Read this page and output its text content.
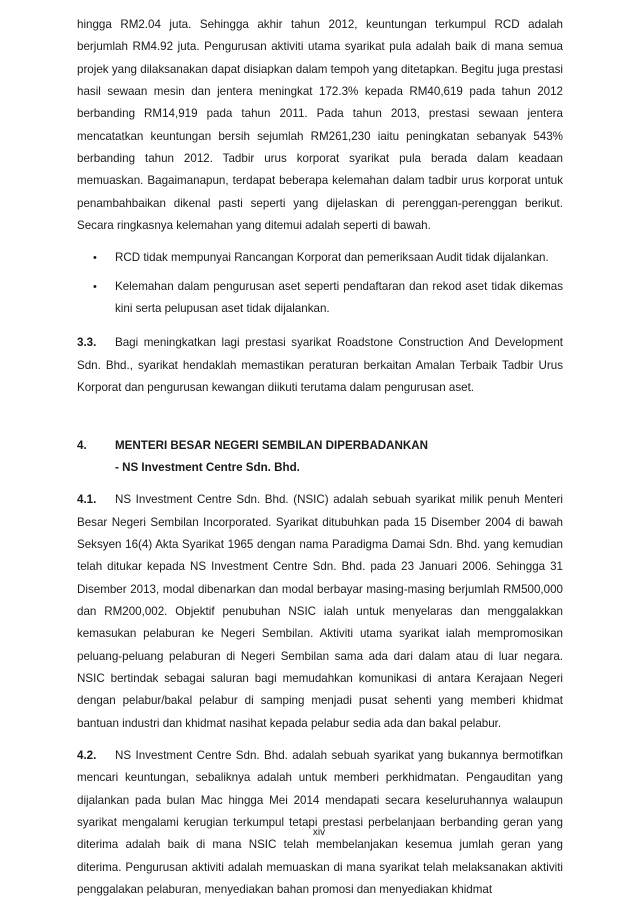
hingga RM2.04 juta. Sehingga akhir tahun 2012, keuntungan terkumpul RCD adalah berjumlah RM4.92 juta. Pengurusan aktiviti utama syarikat pula adalah baik di mana semua projek yang dilaksanakan dapat disiapkan dalam tempoh yang ditetapkan. Begitu juga prestasi hasil sewaan mesin dan jentera meningkat 172.3% kepada RM40,619 pada tahun 2012 berbanding RM14,919 pada tahun 2011. Pada tahun 2013, prestasi sewaan jentera mencatatkan keuntungan bersih sejumlah RM261,230 iaitu peningkatan sebanyak 543% berbanding tahun 2012. Tadbir urus korporat syarikat pula berada dalam keadaan memuaskan. Bagaimanapun, terdapat beberapa kelemahan dalam tadbir urus korporat untuk penambahbaikan dikenal pasti seperti yang dijelaskan di perenggan-perenggan berikut. Secara ringkasnya kelemahan yang ditemui adalah seperti di bawah.

• RCD tidak mempunyai Rancangan Korporat dan pemeriksaan Audit tidak dijalankan.
• Kelemahan dalam pengurusan aset seperti pendaftaran dan rekod aset tidak dikemas kini serta pelupusan aset tidak dijalankan.

3.3. Bagi meningkatkan lagi prestasi syarikat Roadstone Construction And Development Sdn. Bhd., syarikat hendaklah memastikan peraturan berkaitan Amalan Terbaik Tadbir Urus Korporat dan pengurusan kewangan diikuti terutama dalam pengurusan aset.

4. MENTERI BESAR NEGERI SEMBILAN DIPERBADANKAN
- NS Investment Centre Sdn. Bhd.

4.1. NS Investment Centre Sdn. Bhd. (NSIC) adalah sebuah syarikat milik penuh Menteri Besar Negeri Sembilan Incorporated. Syarikat ditubuhkan pada 15 Disember 2004 di bawah Seksyen 16(4) Akta Syarikat 1965 dengan nama Paradigma Damai Sdn. Bhd. yang kemudian telah ditukar kepada NS Investment Centre Sdn. Bhd. pada 23 Januari 2006. Sehingga 31 Disember 2013, modal dibenarkan dan modal berbayar masing-masing berjumlah RM500,000 dan RM200,002. Objektif penubuhan NSIC ialah untuk menyelaras dan menggalakkan kemasukan pelaburan ke Negeri Sembilan. Aktiviti utama syarikat ialah mempromosikan peluang-peluang pelaburan di Negeri Sembilan sama ada dari dalam atau di luar negara. NSIC bertindak sebagai saluran bagi memudahkan komunikasi di antara Kerajaan Negeri dengan pelabur/bakal pelabur di samping menjadi pusat sehenti yang memberi khidmat bantuan industri dan khidmat nasihat kepada pelabur sedia ada dan bakal pelabur.

4.2. NS Investment Centre Sdn. Bhd. adalah sebuah syarikat yang bukannya bermotifkan mencari keuntungan, sebaliknya adalah untuk memberi perkhidmatan. Pengauditan yang dijalankan pada bulan Mac hingga Mei 2014 mendapati secara keseluruhannya walaupun syarikat mengalami kerugian terkumpul tetapi prestasi perbelanjaan berbanding geran yang diterima adalah baik di mana NSIC telah membelanjakan kesemua jumlah geran yang diterima. Pengurusan aktiviti adalah memuaskan di mana syarikat telah melaksanakan aktiviti penggalakan pelaburan, menyediakan bahan promosi dan menyediakan khidmat

xiv
